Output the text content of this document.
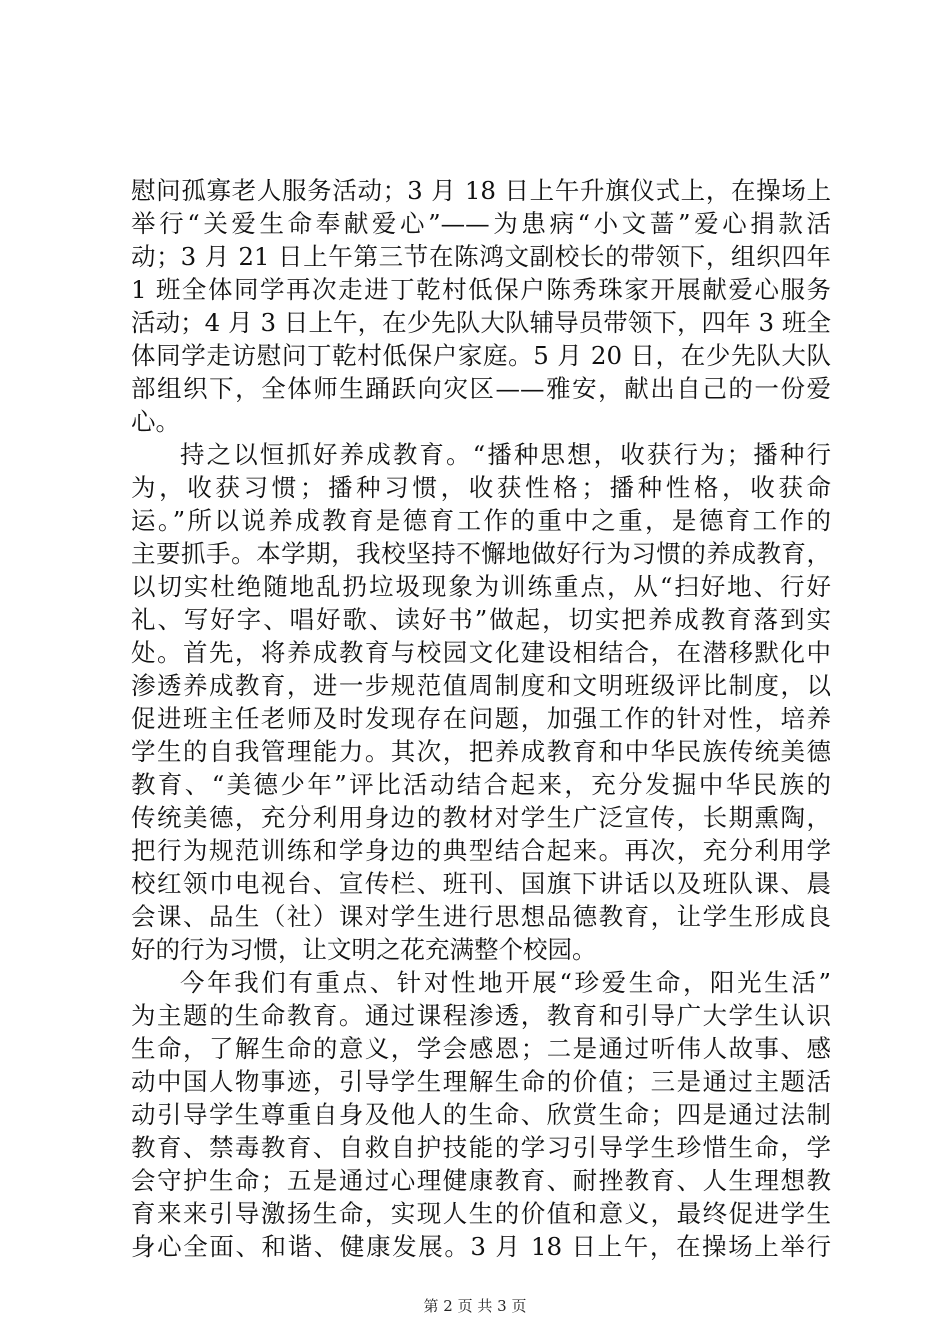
慰问孤寡老人服务活动；3 月 18 日上午升旗仪式上，在操场上
举行“关爱生命奉献爱心”——为患病“小文蔷”爱心捐款活
动；3 月 21 日上午第三节在陈鸿文副校长的带领下，组织四年
1 班全体同学再次走进丁乾村低保户陈秀珠家开展献爱心服务
活动；4 月 3 日上午，在少先队大队辅导员带领下，四年 3 班全
体同学走访慰问丁乾村低保户家庭。5 月 20 日，在少先队大队
部组织下，全体师生踊跃向灾区——雅安，献出自己的一份爱
心。
持之以恒抓好养成教育。“播种思想，收获行为；播种行
为，收获习惯；播种习惯，收获性格；播种性格，收获命
运。”所以说养成教育是德育工作的重中之重，是德育工作的
主要抓手。本学期，我校坚持不懈地做好行为习惯的养成教育，
以切实杜绝随地乱扔垃圾现象为训练重点，从“扫好地、行好
礼、写好字、唱好歌、读好书”做起，切实把养成教育落到实
处。首先，将养成教育与校园文化建设相结合，在潜移默化中
渗透养成教育，进一步规范值周制度和文明班级评比制度，以
促进班主任老师及时发现存在问题，加强工作的针对性，培养
学生的自我管理能力。其次，把养成教育和中华民族传统美德
教育、“美德少年”评比活动结合起来，充分发掘中华民族的
传统美德，充分利用身边的教材对学生广泛宣传，长期熏陶，
把行为规范训练和学身边的典型结合起来。再次，充分利用学
校红领巾电视台、宣传栏、班刊、国旗下讲话以及班队课、晨
会课、品生（社）课对学生进行思想品德教育，让学生形成良
好的行为习惯，让文明之花充满整个校园。
今年我们有重点、针对性地开展“珍爱生命，阳光生活”
为主题的生命教育。通过课程渗透，教育和引导广大学生认识
生命，了解生命的意义，学会感恩；二是通过听伟人故事、感
动中国人物事迹，引导学生理解生命的价值；三是通过主题活
动引导学生尊重自身及他人的生命、欣赏生命；四是通过法制
教育、禁毒教育、自救自护技能的学习引导学生珍惜生命，学
会守护生命；五是通过心理健康教育、耐挫教育、人生理想教
育来来引导激扬生命，实现人生的价值和意义，最终促进学生
身心全面、和谐、健康发展。3 月 18 日上午，在操场上举行
第 2 页 共 3 页
